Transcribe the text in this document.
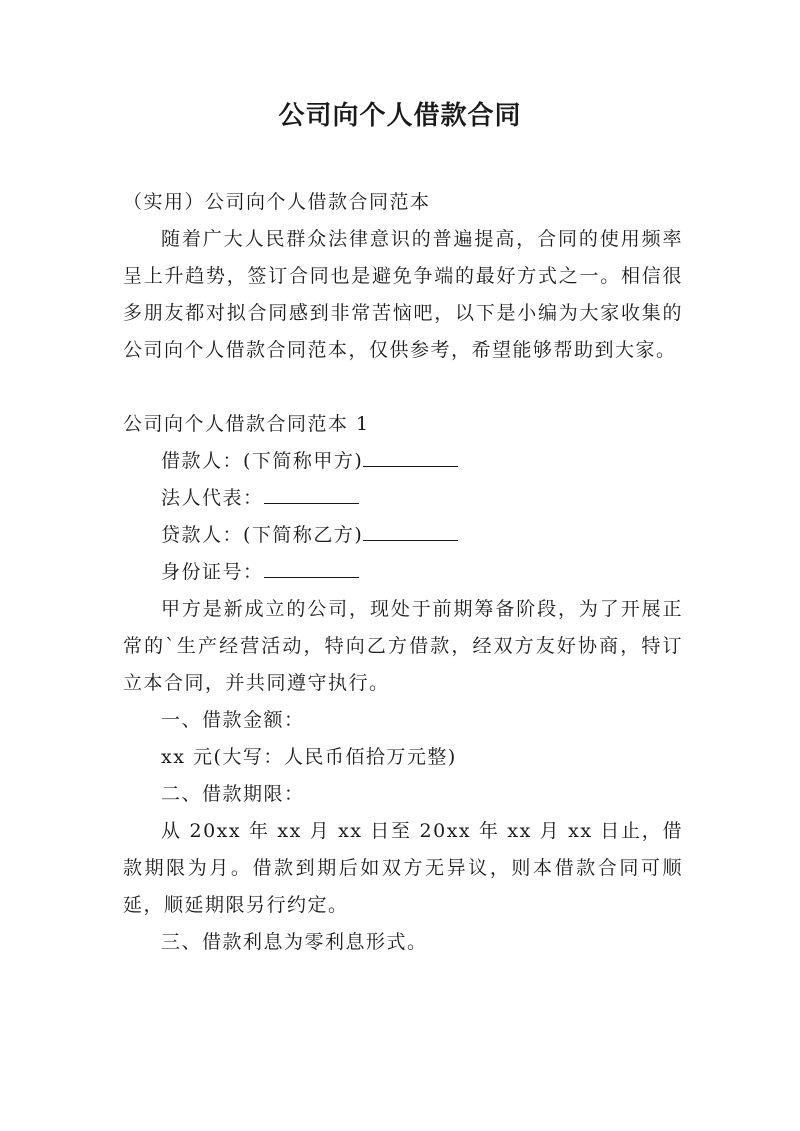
公司向个人借款合同

（实用）公司向个人借款合同范本

随着广大人民群众法律意识的普遍提高，合同的使用频率呈上升趋势，签订合同也是避免争端的最好方式之一。相信很多朋友都对拟合同感到非常苦恼吧，以下是小编为大家收集的公司向个人借款合同范本，仅供参考，希望能够帮助到大家。

公司向个人借款合同范本 1

借款人：(下简称甲方)

法人代表：

贷款人：(下简称乙方)

身份证号：

甲方是新成立的公司，现处于前期筹备阶段，为了开展正常的`生产经营活动，特向乙方借款，经双方友好协商，特订立本合同，并共同遵守执行。

一、借款金额：

xx 元(大写：人民币佰拾万元整)

二、借款期限：

从 20xx 年 xx 月 xx 日至 20xx 年 xx 月 xx 日止，借款期限为月。借款到期后如双方无异议，则本借款合同可顺延，顺延期限另行约定。

三、借款利息为零利息形式。
